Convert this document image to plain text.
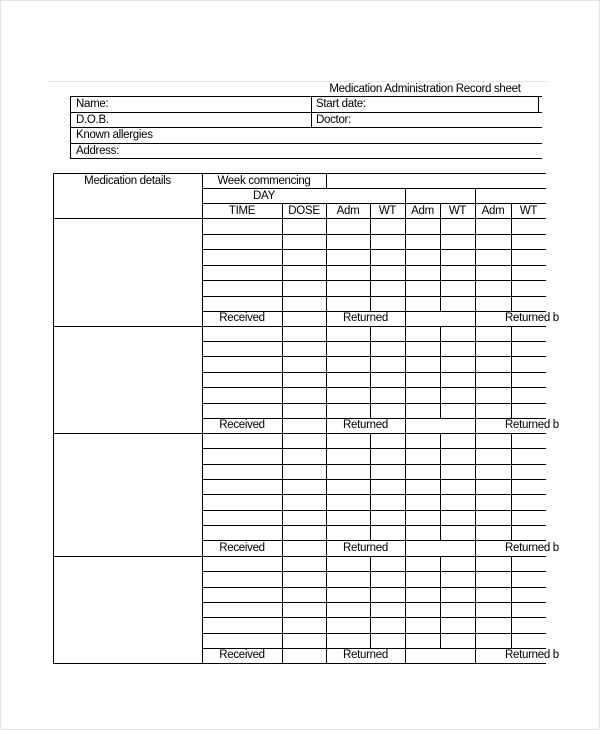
Medication Administration Record sheet
Name:	Start date:
D.O.B.	Doctor:
Known allergies
Address:
Medication details	Week commencing
DAY
TIME	DOSE	Adm	WT	Adm	WT	Adm	WT
Received	Returned	Returned b
Received	Returned	Returned b
Received	Returned	Returned b
Received	Returned	Returned b
